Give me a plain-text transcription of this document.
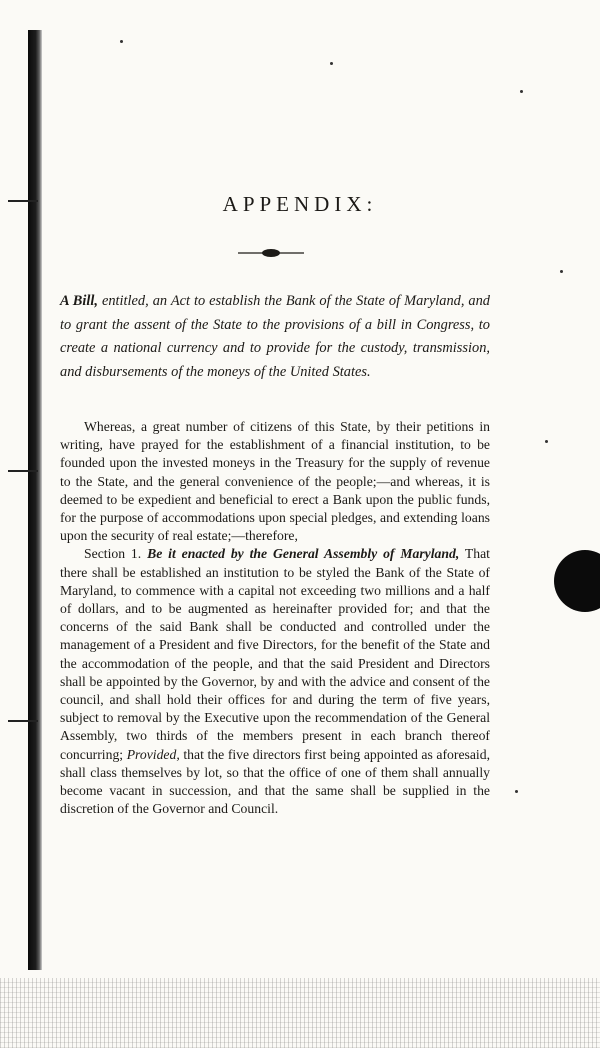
APPENDIX:

A Bill, entitled, an Act to establish the Bank of the State of Maryland, and to grant the assent of the State to the provisions of a bill in Congress, to create a national currency and to provide for the custody, transmission, and disbursements of the moneys of the United States.

Whereas, a great number of citizens of this State, by their petitions in writing, have prayed for the establishment of a financial institution, to be founded upon the invested moneys in the Treasury for the supply of revenue to the State, and the general convenience of the people;—and whereas, it is deemed to be expedient and beneficial to erect a Bank upon the public funds, for the purpose of accommodations upon special pledges, and extending loans upon the security of real estate;—therefore,

Section 1. Be it enacted by the General Assembly of Maryland, That there shall be established an institution to be styled the Bank of the State of Maryland, to commence with a capital not exceeding two millions and a half of dollars, and to be augmented as hereinafter provided for; and that the concerns of the said Bank shall be conducted and controlled under the management of a President and five Directors, for the benefit of the State and the accommodation of the people, and that the said President and Directors shall be appointed by the Governor, by and with the advice and consent of the council, and shall hold their offices for and during the term of five years, subject to removal by the Executive upon the recommendation of the General Assembly, two thirds of the members present in each branch thereof concurring; Provided, that the five directors first being appointed as aforesaid, shall class themselves by lot, so that the office of one of them shall annually become vacant in succession, and that the same shall be supplied in the discretion of the Governor and Council.
